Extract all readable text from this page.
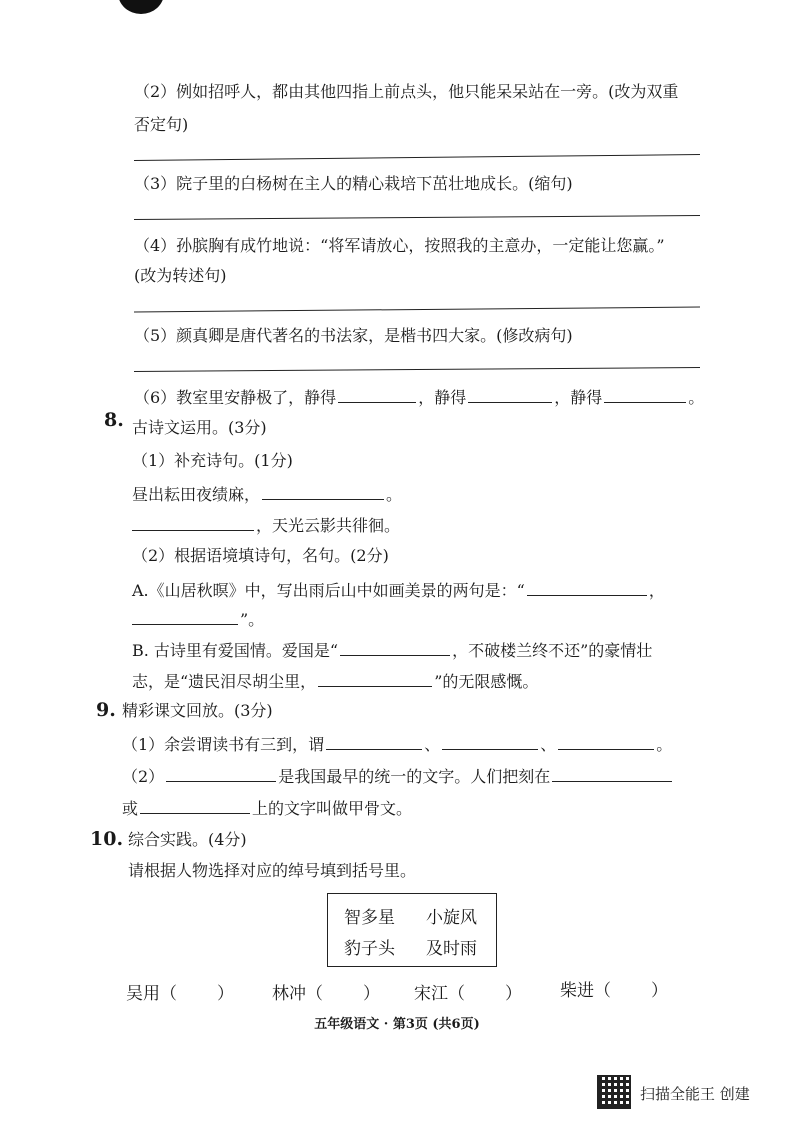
（2）例如招呼人，都由其他四指上前点头，他只能呆呆站在一旁。(改为双重
否定句)
（3）院子里的白杨树在主人的精心栽培下茁壮地成长。(缩句)
（4）孙膑胸有成竹地说：“将军请放心，按照我的主意办，一定能让您赢。”
(改为转述句)
（5）颜真卿是唐代著名的书法家，是楷书四大家。(修改病句)
（6）教室里安静极了，静得	，静得	，静得	。
8. 古诗文运用。(3分)
（1）补充诗句。(1分)
昼出耘田夜绩麻，	。
，天光云影共徘徊。
（2）根据语境填诗句，名句。(2分)
A.《山居秋暝》中，写出雨后山中如画美景的两句是：“	，
”。
B. 古诗里有爱国情。爱国是“	，不破楼兰终不还”的豪情壮
志，是“遗民泪尽胡尘里，	”的无限感慨。
9. 精彩课文回放。(3分)
（1）余尝谓读书有三到，谓	、	、	。
（2）	是我国最早的统一的文字。人们把刻在
或	上的文字叫做甲骨文。
10. 综合实践。(4分)
请根据人物选择对应的绰号填到括号里。
智多星 小旋风
豹子头 及时雨
吴用（ ） 林冲（ ） 宋江（ ） 柴进（ ）
五年级语文 · 第3页 (共6页)
扫描全能王 创建
